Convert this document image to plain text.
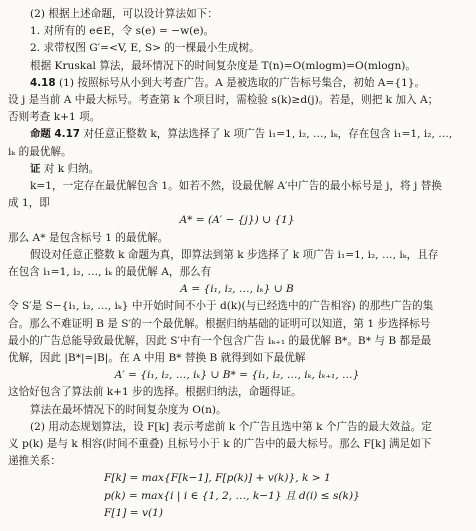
(2) 根据上述命题，可以设计算法如下：
1. 对所有的 e∈E，令 s(e) = −w(e)。
2. 求带权图 G′=<V, E, S> 的一棵最小生成树。
根据 Kruskal 算法，最坏情况下的时间复杂度是 T(n)=O(mlogm)=O(mlogn)。
4.18 (1) 按照标号从小到大考查广告。A 是被选取的广告标号集合，初始 A={1}。
设 j 是当前 A 中最大标号。考查第 k 个项目时，需检验 s(k)≥d(j)。若是，则把 k 加入 A；
否则考查 k+1 项。
命题 4.17 对任意正整数 k，算法选择了 k 项广告 i₁=1, i₂, …, iₖ，存在包含 i₁=1, i₂, …,
iₖ 的最优解。
证 对 k 归纳。
k=1，一定存在最优解包含 1。如若不然，设最优解 A′中广告的最小标号是 j，将 j 替换
成 1，即
A* = (A′ − {j}) ∪ {1}
那么 A* 是包含标号 1 的最优解。
假设对任意正整数 k 命题为真，即算法到第 k 步选择了 k 项广告 i₁=1, i₂, …, iₖ，且存
在包含 i₁=1, i₂, …, iₖ 的最优解 A，那么有
A = {i₁, i₂, …, iₖ} ∪ B
令 S′是 S−{i₁, i₂, …, iₖ} 中开始时间不小于 d(k)(与已经选中的广告相容) 的那些广告的集
合。那么不难证明 B 是 S′的一个最优解。根据归纳基础的证明可以知道，第 1 步选择标号
最小的广告总能导致最优解，因此 S′中有一个包含广告 iₖ₊₁ 的最优解 B*。B* 与 B 都是最
优解，因此 |B*|=|B|。在 A 中用 B* 替换 B 就得到如下最优解
A′ = {i₁, i₂, …, iₖ} ∪ B* = {i₁, i₂, …, iₖ, iₖ₊₁, …}
这恰好包含了算法前 k+1 步的选择。根据归纳法，命题得证。
算法在最坏情况下的时间复杂度为 O(n)。
(2) 用动态规划算法，设 F[k] 表示考虑前 k 个广告且选中第 k 个广告的最大效益。定
义 p(k) 是与 k 相容(时间不重叠) 且标号小于 k 的广告中的最大标号。那么 F[k] 满足如下
递推关系：
F[k] = max{F[k−1], F[p(k)] + v(k)}, k > 1
p(k) = max{i | i ∈ {1, 2, …, k−1} 且 d(i) ≤ s(k)}
F[1] = v(1)
